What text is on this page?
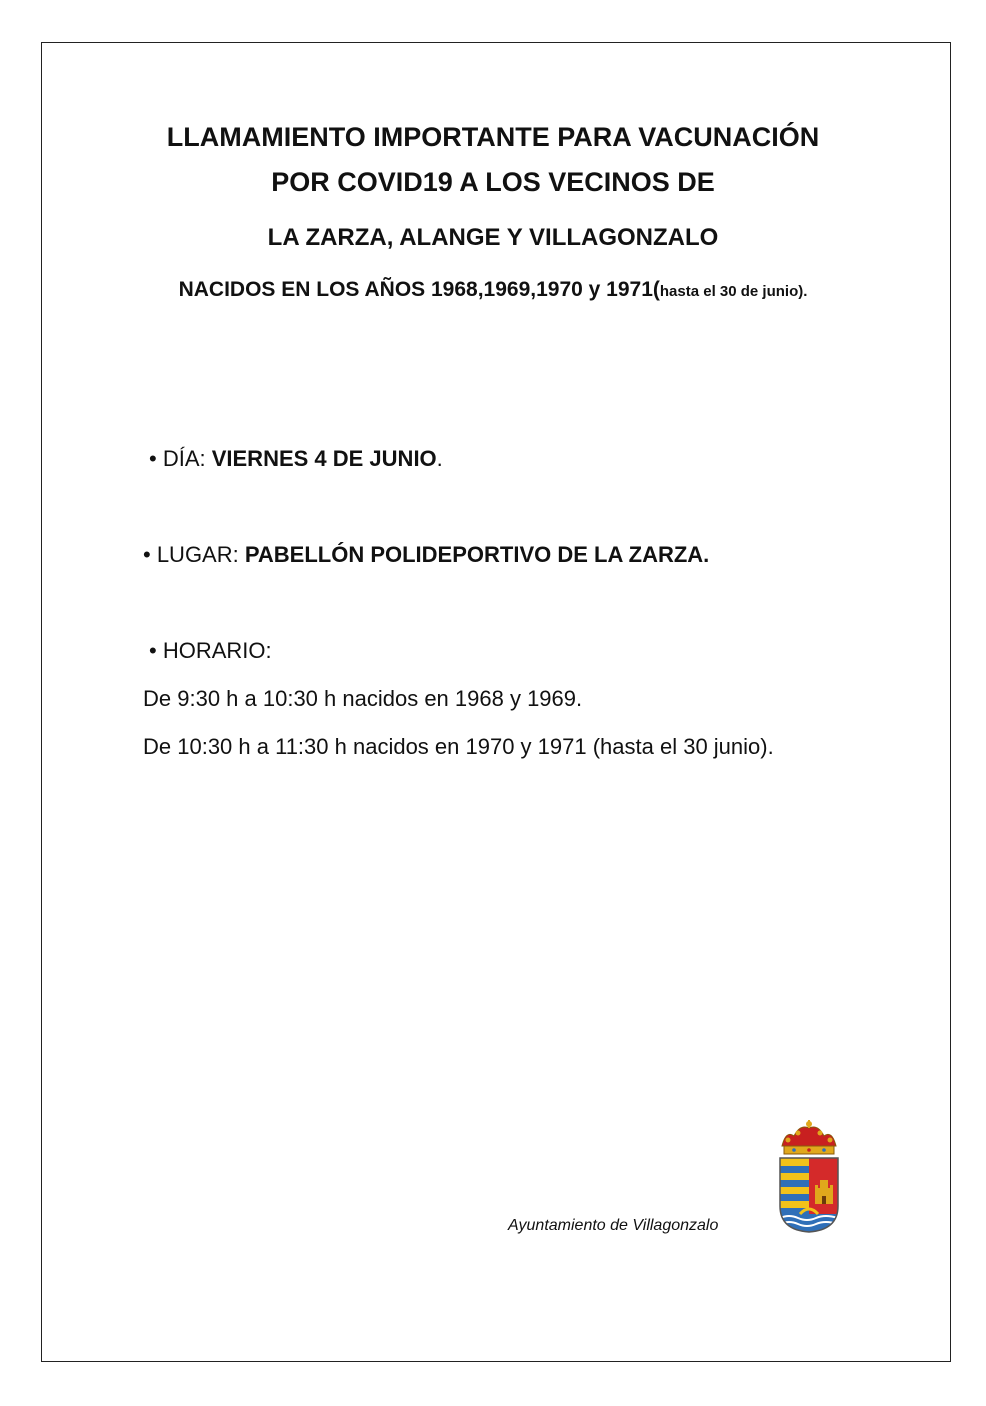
LLAMAMIENTO IMPORTANTE PARA VACUNACIÓN
POR COVID19 A LOS VECINOS DE
LA ZARZA, ALANGE Y VILLAGONZALO
NACIDOS EN LOS AÑOS 1968,1969,1970 y 1971(hasta el 30 de junio).
• DÍA: VIERNES 4 DE JUNIO.
• LUGAR: PABELLÓN POLIDEPORTIVO DE LA ZARZA.
• HORARIO:
De 9:30 h a 10:30 h nacidos en 1968 y 1969.
De 10:30 h a 11:30 h nacidos en 1970 y 1971 (hasta el 30 junio).
Ayuntamiento de Villagonzalo
